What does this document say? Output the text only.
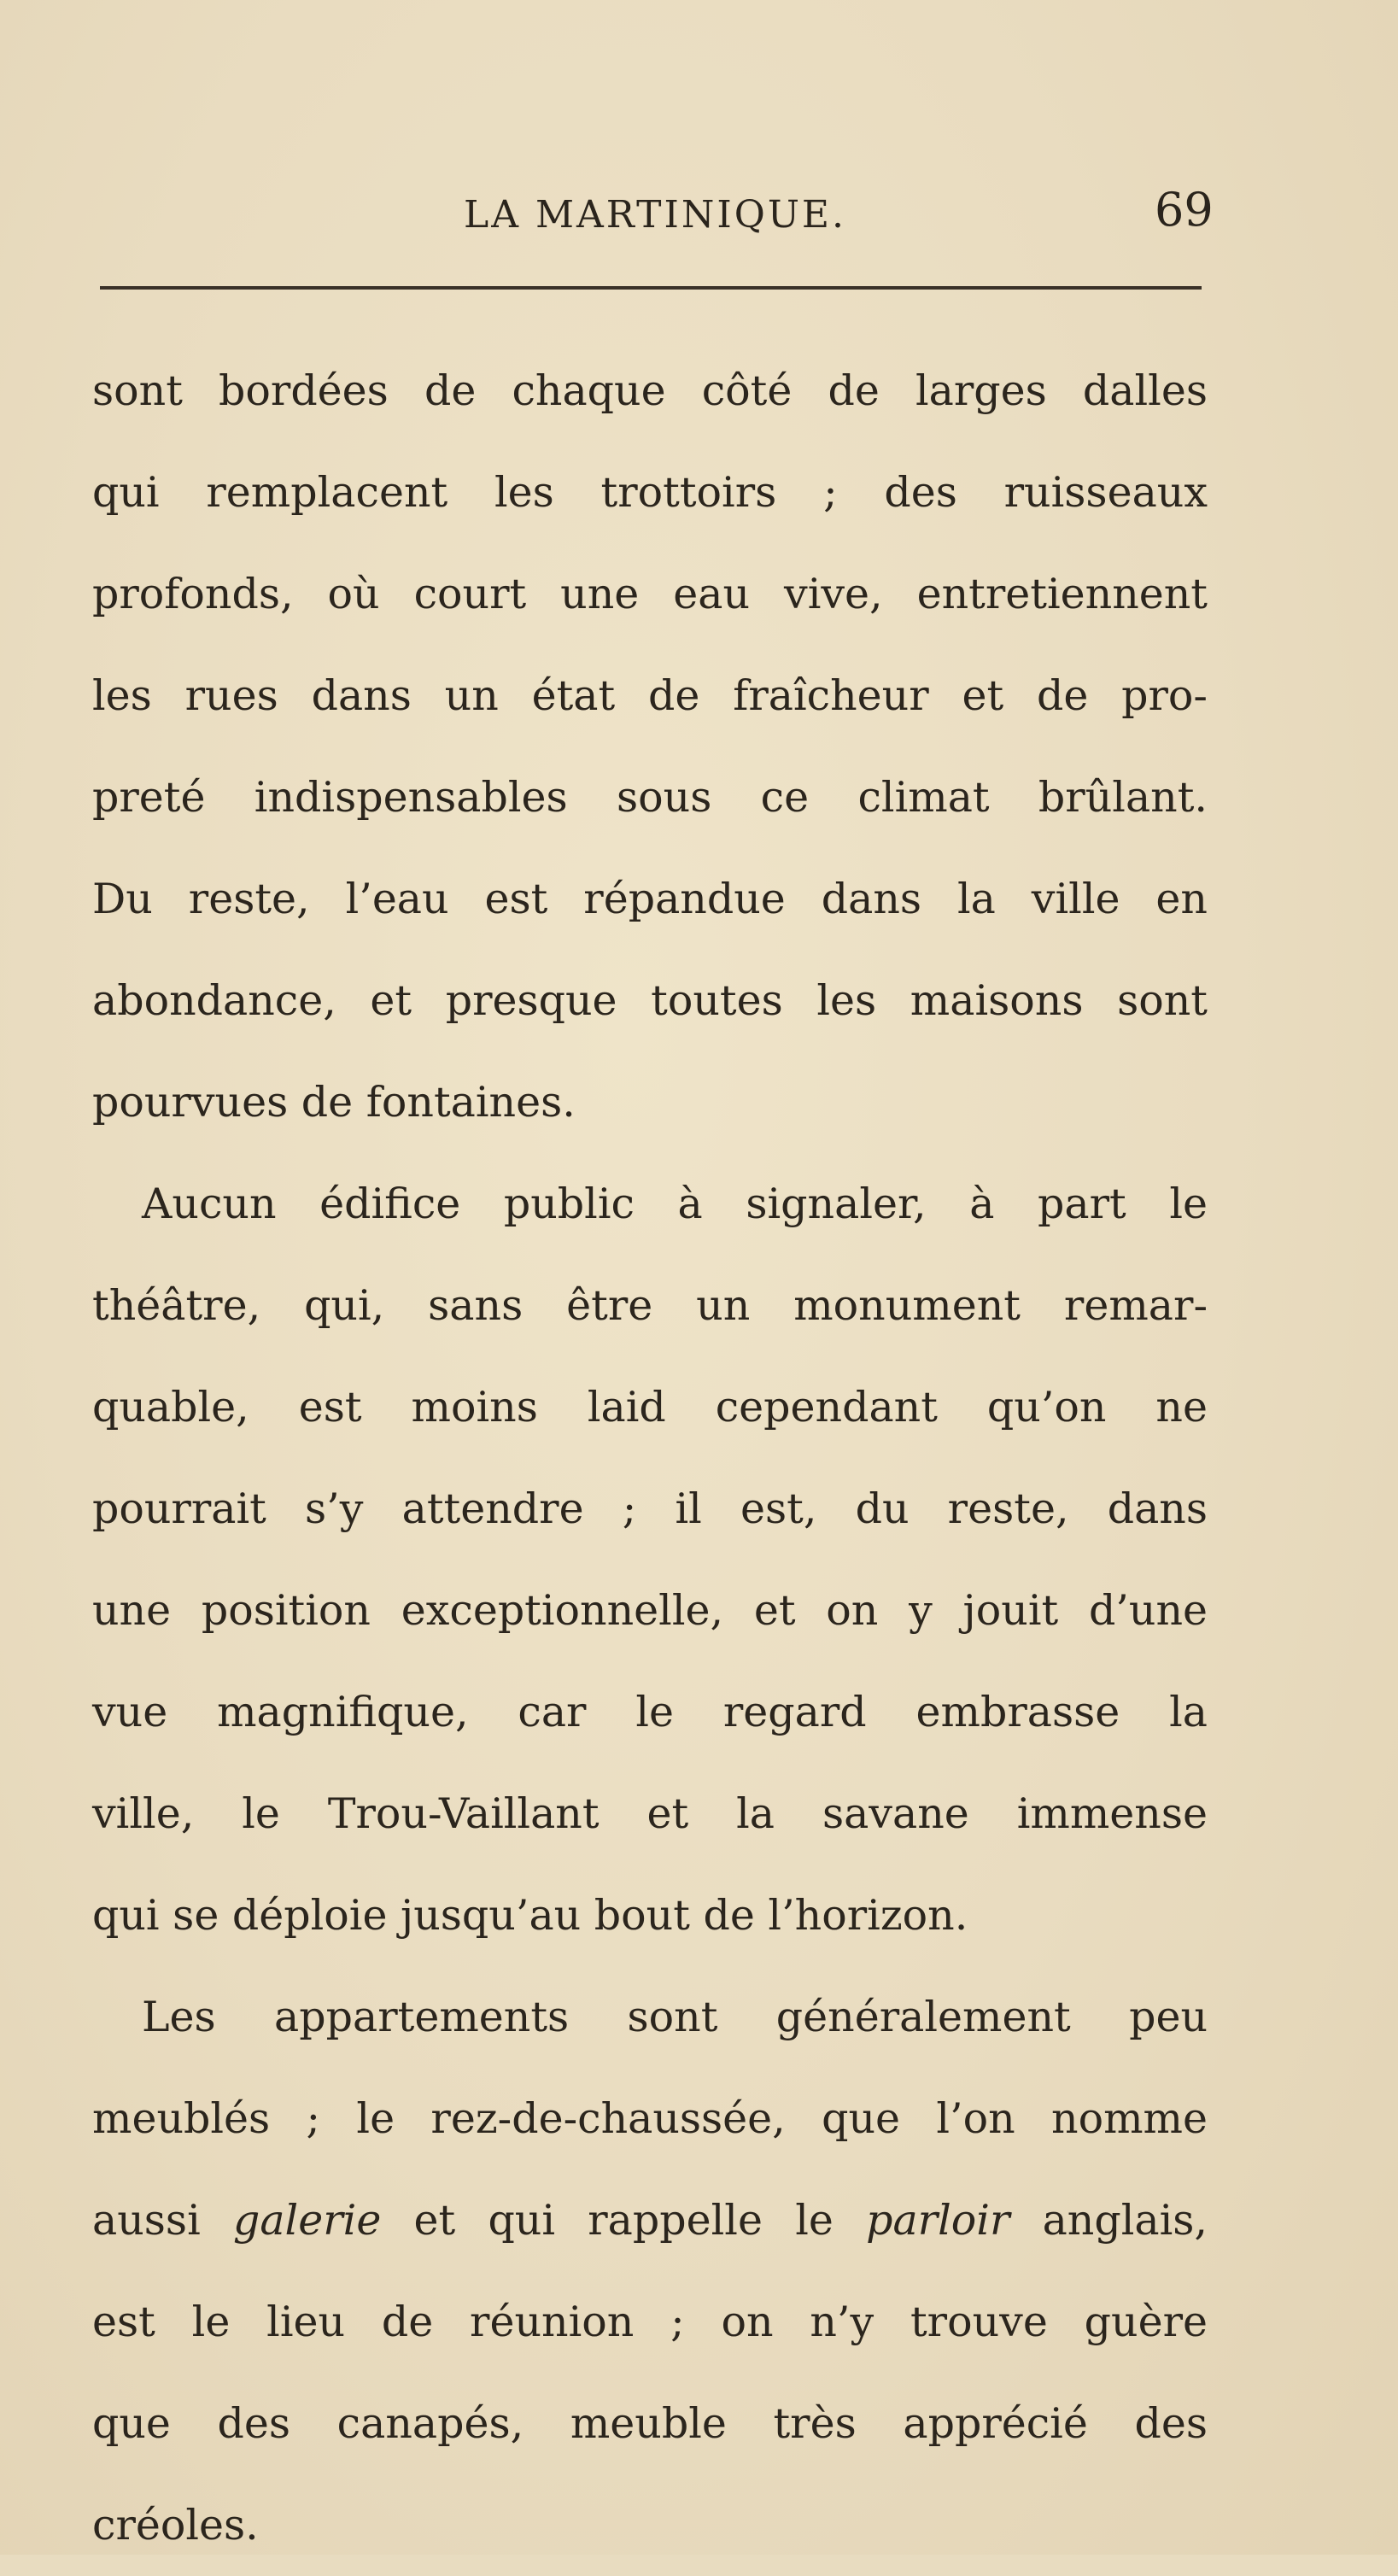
LA MARTINIQUE.	69
sont bordées de chaque côté de larges dalles
qui remplacent les trottoirs ; des ruisseaux
profonds, où court une eau vive, entretiennent
les rues dans un état de fraîcheur et de pro-
preté indispensables sous ce climat brûlant.
Du reste, l’eau est répandue dans la ville en
abondance, et presque toutes les maisons sont
pourvues de fontaines.
Aucun édifice public à signaler, à part le
théâtre, qui, sans être un monument remar-
quable, est moins laid cependant qu’on ne
pourrait s’y attendre ; il est, du reste, dans
une position exceptionnelle, et on y jouit d’une
vue magnifique, car le regard embrasse la
ville, le Trou-Vaillant et la savane immense
qui se déploie jusqu’au bout de l’horizon.
Les appartements sont généralement peu
meublés ; le rez-de-chaussée, que l’on nomme
aussi galerie et qui rappelle le parloir anglais,
est le lieu de réunion ; on n’y trouve guère
que des canapés, meuble très apprécié des
créoles.
